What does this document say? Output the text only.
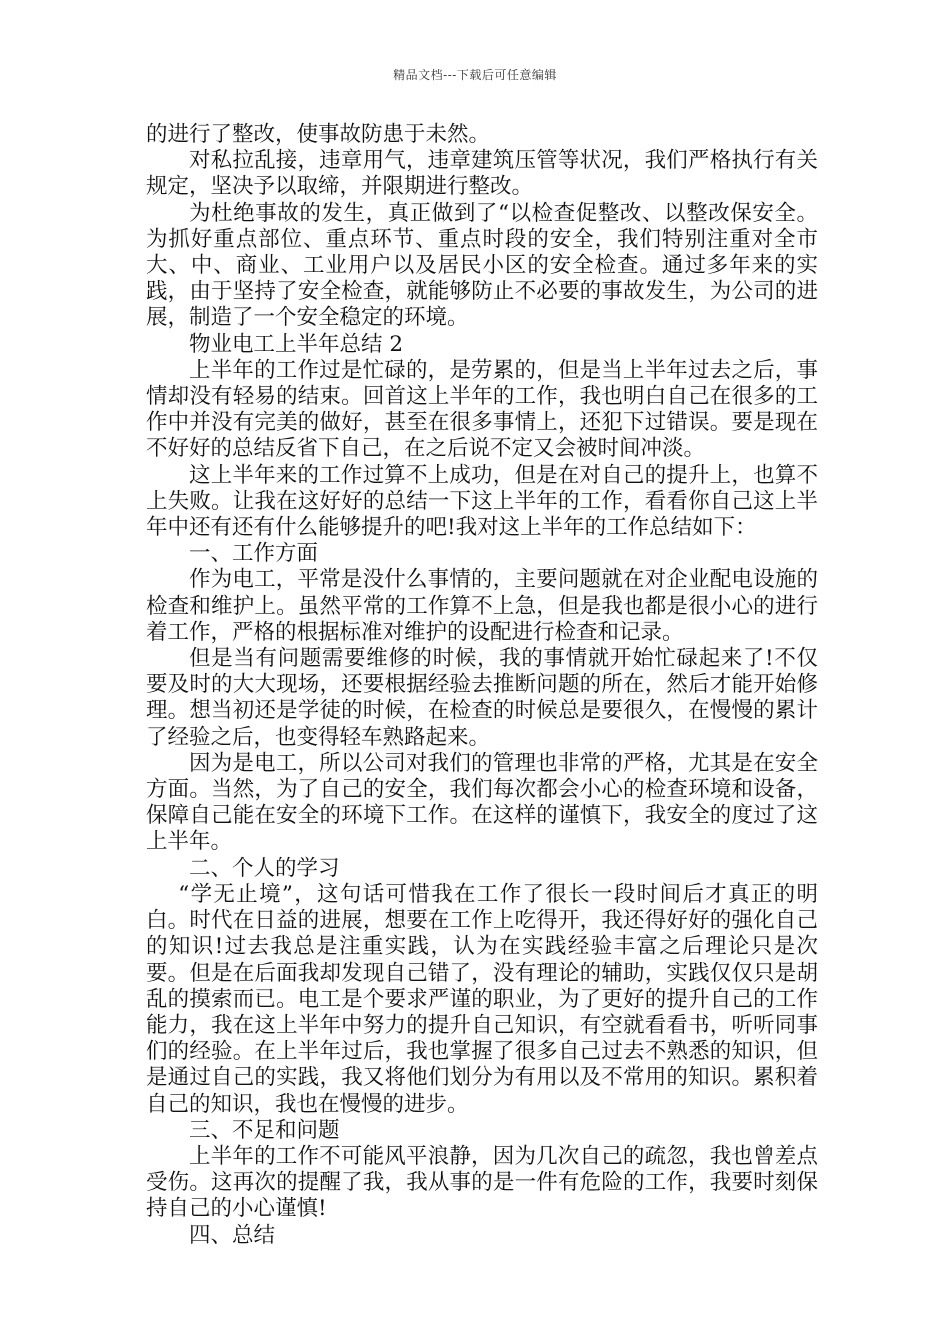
精品文档---下载后可任意编辑

的进行了整改，使事故防患于未然。

对私拉乱接，违章用气，违章建筑压管等状况，我们严格执行有关规定，坚决予以取缔，并限期进行整改。

为杜绝事故的发生，真正做到了“以检查促整改、以整改保安全。为抓好重点部位、重点环节、重点时段的安全，我们特别注重对全市大、中、商业、工业用户以及居民小区的安全检查。通过多年来的实践，由于坚持了安全检查，就能够防止不必要的事故发生，为公司的进展，制造了一个安全稳定的环境。

物业电工上半年总结 2

上半年的工作过是忙碌的，是劳累的，但是当上半年过去之后，事情却没有轻易的结束。回首这上半年的工作，我也明白自己在很多的工作中并没有完美的做好，甚至在很多事情上，还犯下过错误。要是现在不好好的总结反省下自己，在之后说不定又会被时间冲淡。

这上半年来的工作过算不上成功，但是在对自己的提升上，也算不上失败。让我在这好好的总结一下这上半年的工作，看看你自己这上半年中还有还有什么能够提升的吧!我对这上半年的工作总结如下：

一、工作方面

作为电工，平常是没什么事情的，主要问题就在对企业配电设施的检查和维护上。虽然平常的工作算不上急，但是我也都是很小心的进行着工作，严格的根据标准对维护的设配进行检查和记录。

但是当有问题需要维修的时候，我的事情就开始忙碌起来了!不仅要及时的大大现场，还要根据经验去推断问题的所在，然后才能开始修理。想当初还是学徒的时候，在检查的时候总是要很久，在慢慢的累计了经验之后，也变得轻车熟路起来。

因为是电工，所以公司对我们的管理也非常的严格，尤其是在安全方面。当然，为了自己的安全，我们每次都会小心的检查环境和设备，保障自己能在安全的环境下工作。在这样的谨慎下，我安全的度过了这上半年。

二、个人的学习

“学无止境”，这句话可惜我在工作了很长一段时间后才真正的明白。时代在日益的进展，想要在工作上吃得开，我还得好好的强化自己的知识!过去我总是注重实践，认为在实践经验丰富之后理论只是次要。但是在后面我却发现自己错了，没有理论的辅助，实践仅仅只是胡乱的摸索而已。电工是个要求严谨的职业，为了更好的提升自己的工作能力，我在这上半年中努力的提升自己知识，有空就看看书，听听同事们的经验。在上半年过后，我也掌握了很多自己过去不熟悉的知识，但是通过自己的实践，我又将他们划分为有用以及不常用的知识。累积着自己的知识，我也在慢慢的进步。

三、不足和问题

上半年的工作不可能风平浪静，因为几次自己的疏忽，我也曾差点受伤。这再次的提醒了我，我从事的是一件有危险的工作，我要时刻保持自己的小心谨慎!

四、总结
